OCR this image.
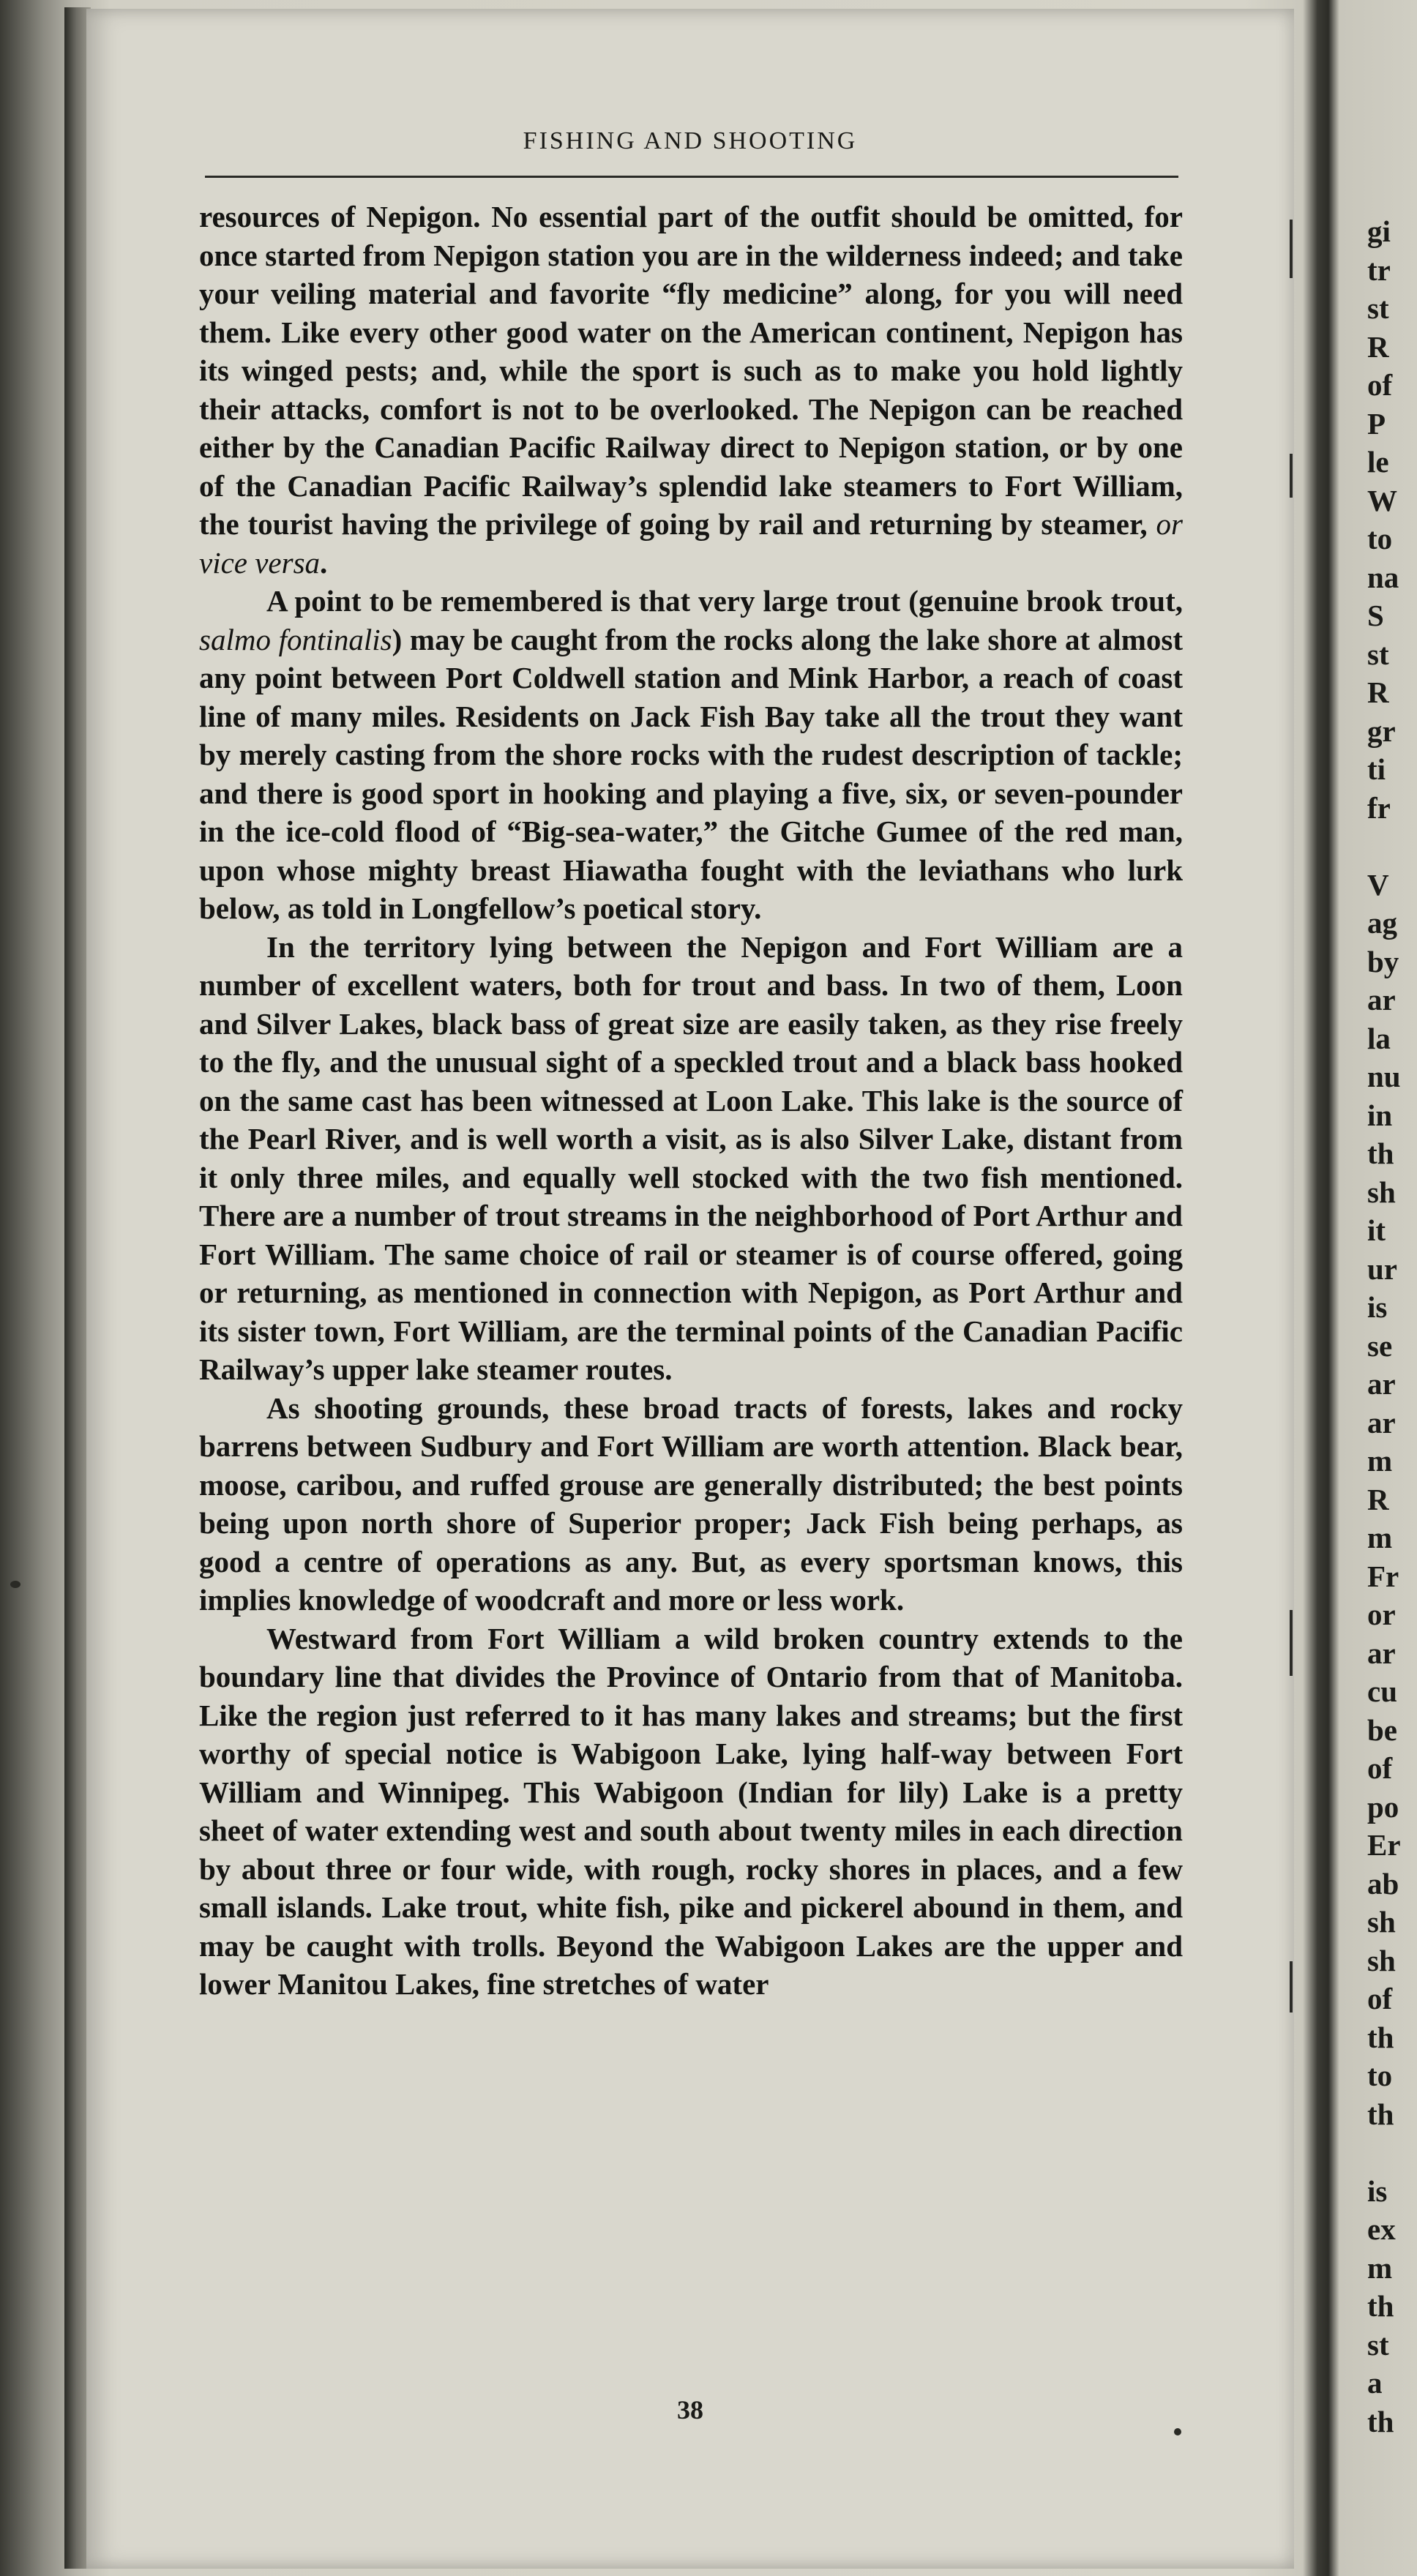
FISHING AND SHOOTING

resources of Nepigon. No essential part of the outfit should be omitted, for once started from Nepigon station you are in the wilderness indeed; and take your veiling material and favorite “fly medicine” along, for you will need them. Like every other good water on the American continent, Nepigon has its winged pests; and, while the sport is such as to make you hold lightly their attacks, comfort is not to be overlooked. The Nepigon can be reached either by the Canadian Pacific Railway direct to Nepigon station, or by one of the Canadian Pacific Railway’s splendid lake steamers to Fort William, the tourist having the privilege of going by rail and returning by steamer, or vice versa.

A point to be remembered is that very large trout (genuine brook trout, salmo fontinalis) may be caught from the rocks along the lake shore at almost any point between Port Coldwell station and Mink Harbor, a reach of coast line of many miles. Residents on Jack Fish Bay take all the trout they want by merely casting from the shore rocks with the rudest description of tackle; and there is good sport in hooking and playing a five, six, or seven-pounder in the ice-cold flood of “Big-sea-water,” the Gitche Gumee of the red man, upon whose mighty breast Hiawatha fought with the leviathans who lurk below, as told in Longfellow’s poetical story.

In the territory lying between the Nepigon and Fort William are a number of excellent waters, both for trout and bass. In two of them, Loon and Silver Lakes, black bass of great size are easily taken, as they rise freely to the fly, and the unusual sight of a speckled trout and a black bass hooked on the same cast has been witnessed at Loon Lake. This lake is the source of the Pearl River, and is well worth a visit, as is also Silver Lake, distant from it only three miles, and equally well stocked with the two fish mentioned. There are a number of trout streams in the neighborhood of Port Arthur and Fort William. The same choice of rail or steamer is of course offered, going or returning, as mentioned in connection with Nepigon, as Port Arthur and its sister town, Fort William, are the terminal points of the Canadian Pacific Railway’s upper lake steamer routes.

As shooting grounds, these broad tracts of forests, lakes and rocky barrens between Sudbury and Fort William are worth attention. Black bear, moose, caribou, and ruffed grouse are generally distributed; the best points being upon north shore of Superior proper; Jack Fish being perhaps, as good a centre of operations as any. But, as every sportsman knows, this implies knowledge of woodcraft and more or less work.

Westward from Fort William a wild broken country extends to the boundary line that divides the Province of Ontario from that of Manitoba. Like the region just referred to it has many lakes and streams; but the first worthy of special notice is Wabigoon Lake, lying half-way between Fort William and Winnipeg. This Wabigoon (Indian for lily) Lake is a pretty sheet of water extending west and south about twenty miles in each direction by about three or four wide, with rough, rocky shores in places, and a few small islands. Lake trout, white fish, pike and pickerel abound in them, and may be caught with trolls. Beyond the Wabigoon Lakes are the upper and lower Manitou Lakes, fine stretches of water

38
gi
tr
st
R
of
P
le
W
to
na
S
st
R
gr
ti
fr
V
ag
by
ar
la
nu
in
th
sh
it
ur
is
se
ar
ar
m
R
m
Fr
or
ar
cu
be
of
po
Er
ab
sh
sh
of
th
to
th
is
ex
m
th
st
a
th
